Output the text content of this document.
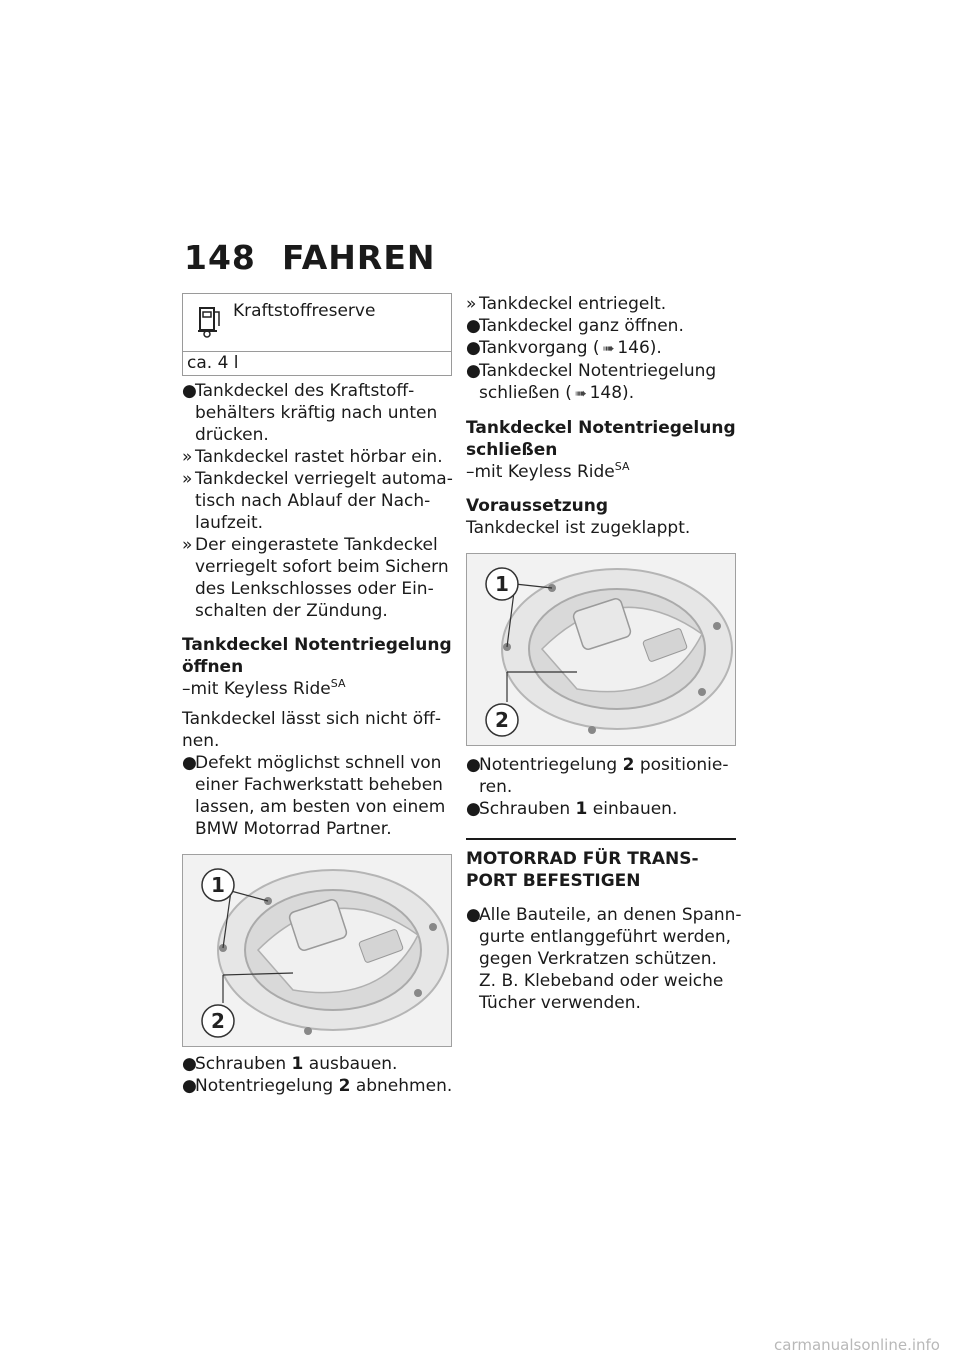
148 FAHREN
Kraftstoffreserve
ca. 4 l
●
Tankdeckel des Kraftstoff-
behälters kräftig nach unten
drücken.
» Tankdeckel rastet hörbar ein.
» Tankdeckel verriegelt automa-
tisch nach Ablauf der Nach-
laufzeit.
» Der eingerastete Tankdeckel
verriegelt sofort beim Sichern
des Lenkschlosses oder Ein-
schalten der Zündung.
Tankdeckel Notentriegelung
öffnen
–mit Keyless Ride$^{SA}$
Tankdeckel lässt sich nicht öff-
nen.
●
Defekt möglichst schnell von
einer Fachwerkstatt beheben
lassen, am besten von einem
BMW Motorrad Partner.
1
2
●
Schrauben 1 ausbauen.
●
Notentriegelung 2 abnehmen.
» Tankdeckel entriegelt.
●
Tankdeckel ganz öffnen.
●
Tankvorgang ( ➠ 146).
●
Tankdeckel Notentriegelung
schließen ( ➠ 148).
Tankdeckel Notentriegelung
schließen
–mit Keyless Ride$^{SA}$
Voraussetzung
Tankdeckel ist zugeklappt.
1
2
●
Notentriegelung 2 positionie-
ren.
●
Schrauben 1 einbauen.
MOTORRAD FÜR TRANS-
PORT BEFESTIGEN
●
Alle Bauteile, an denen Spann-
gurte entlanggeführt werden,
gegen Verkratzen schützen.
Z. B. Klebeband oder weiche
Tücher verwenden.
carmanualsonline.info
